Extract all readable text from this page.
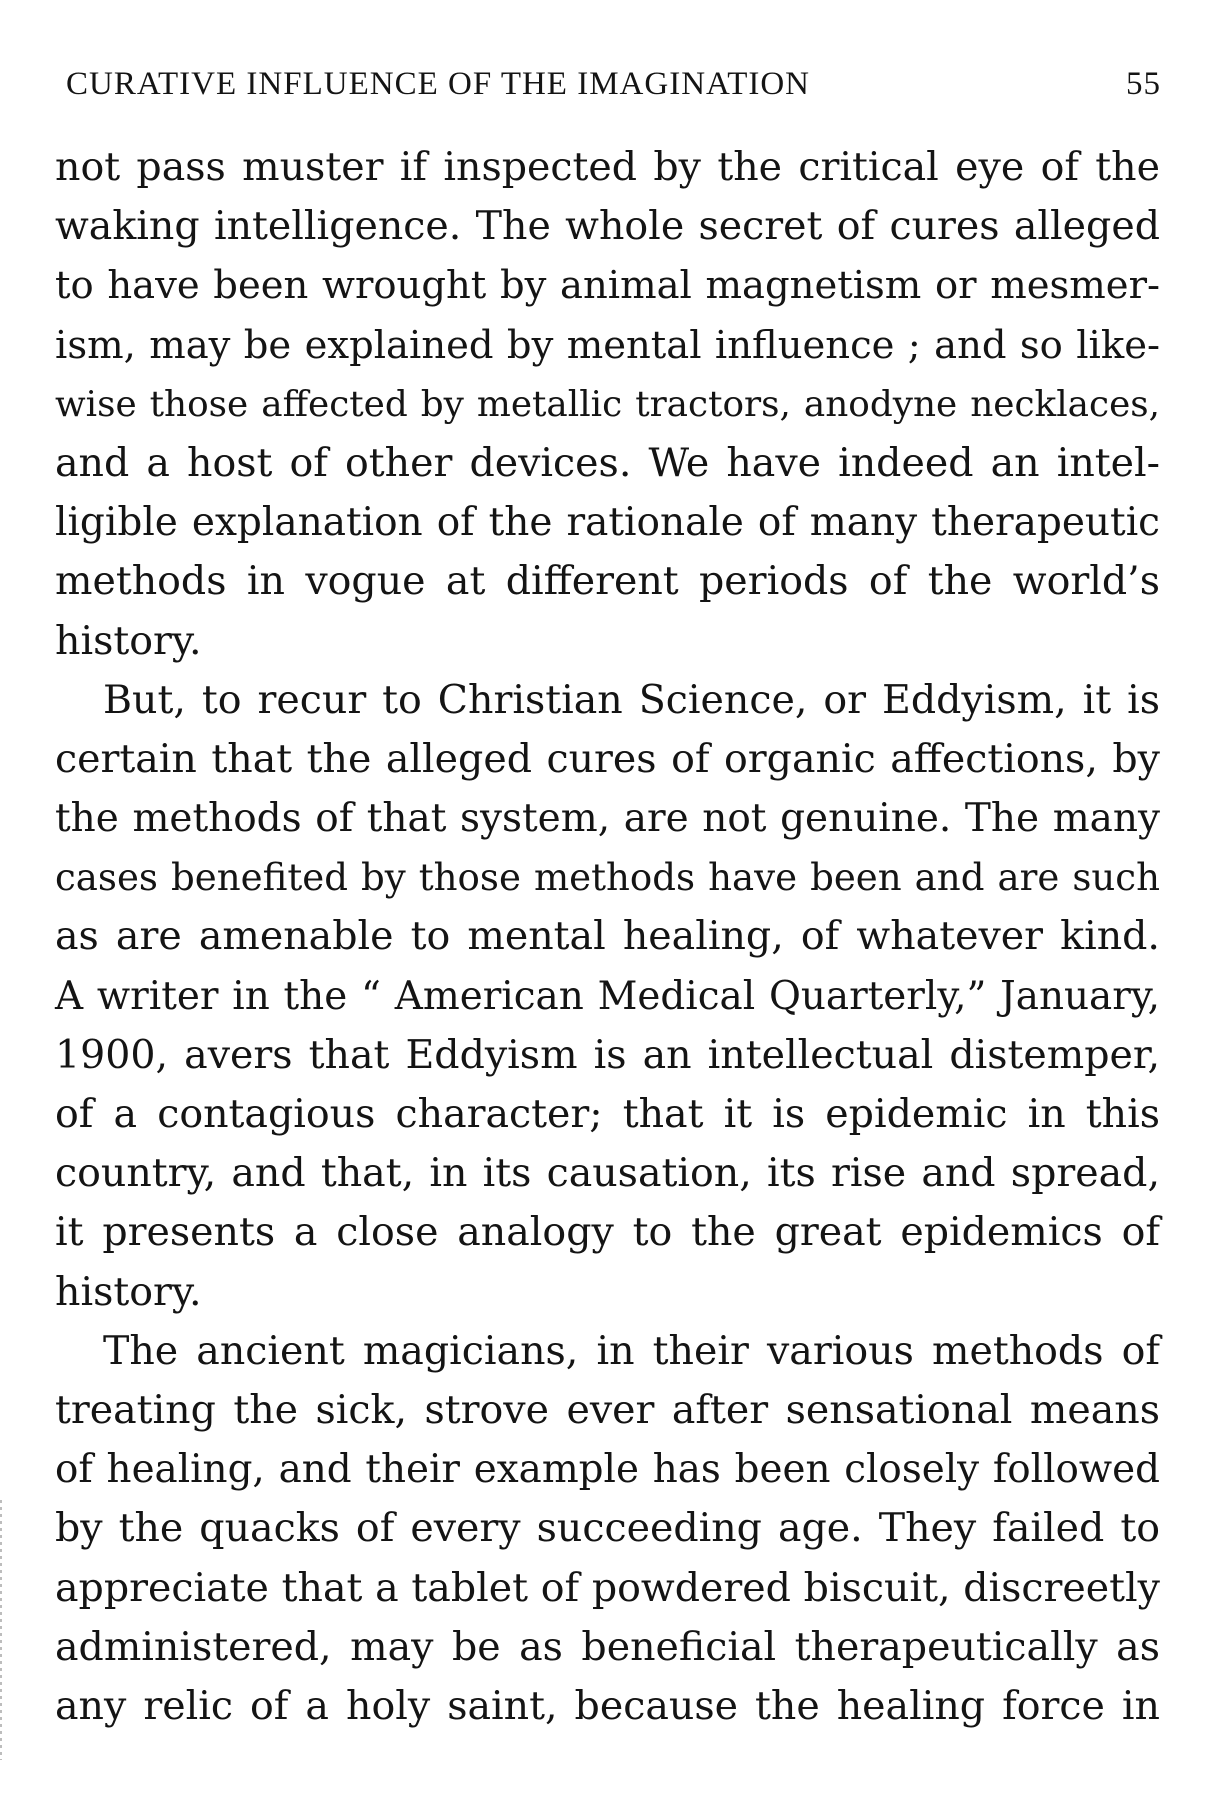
CURATIVE INFLUENCE OF THE IMAGINATION	55
not pass muster if inspected by the critical eye of the
waking intelligence. The whole secret of cures alleged
to have been wrought by animal magnetism or mesmer-
ism, may be explained by mental influence ; and so like-
wise those affected by metallic tractors, anodyne necklaces,
and a host of other devices. We have indeed an intel-
ligible explanation of the rationale of many therapeutic
methods in vogue at different periods of the world’s
history.
But, to recur to Christian Science, or Eddyism, it is
certain that the alleged cures of organic affections, by
the methods of that system, are not genuine. The many
cases benefited by those methods have been and are such
as are amenable to mental healing, of whatever kind.
A writer in the “ American Medical Quarterly,” January,
1900, avers that Eddyism is an intellectual distemper,
of a contagious character; that it is epidemic in this
country, and that, in its causation, its rise and spread,
it presents a close analogy to the great epidemics of
history.
The ancient magicians, in their various methods of
treating the sick, strove ever after sensational means
of healing, and their example has been closely followed
by the quacks of every succeeding age. They failed to
appreciate that a tablet of powdered biscuit, discreetly
administered, may be as beneficial therapeutically as
any relic of a holy saint, because the healing force in
